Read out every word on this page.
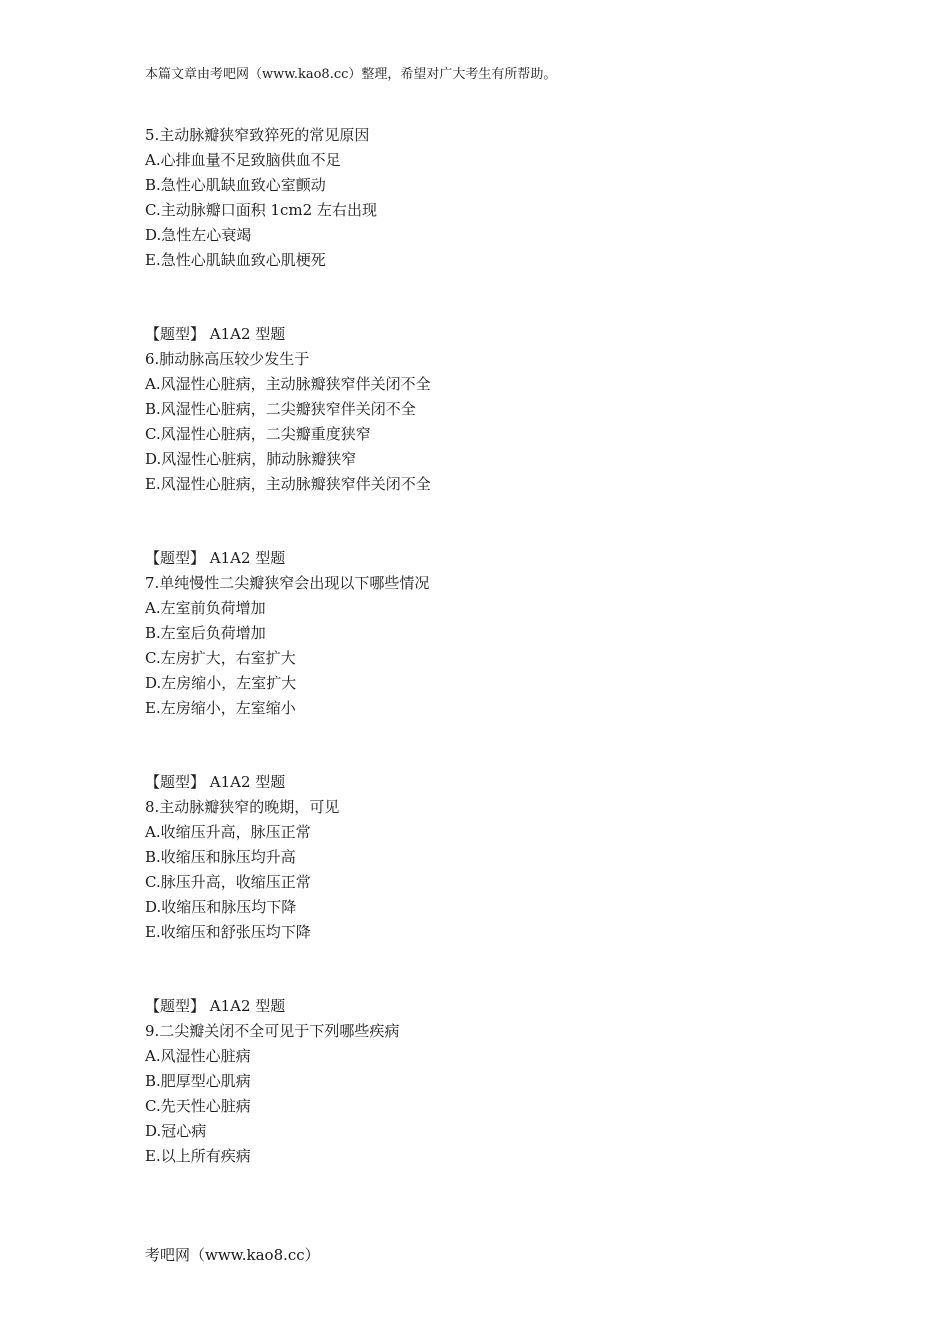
本篇文章由考吧网（www.kao8.cc）整理，希望对广大考生有所帮助。
5.主动脉瓣狭窄致猝死的常见原因
A.心排血量不足致脑供血不足
B.急性心肌缺血致心室颤动
C.主动脉瓣口面积 1cm2 左右出现
D.急性左心衰竭
E.急性心肌缺血致心肌梗死
【题型】 A1A2 型题
6.肺动脉高压较少发生于
A.风湿性心脏病，主动脉瓣狭窄伴关闭不全
B.风湿性心脏病，二尖瓣狭窄伴关闭不全
C.风湿性心脏病，二尖瓣重度狭窄
D.风湿性心脏病，肺动脉瓣狭窄
E.风湿性心脏病，主动脉瓣狭窄伴关闭不全
【题型】 A1A2 型题
7.单纯慢性二尖瓣狭窄会出现以下哪些情况
A.左室前负荷增加
B.左室后负荷增加
C.左房扩大，右室扩大
D.左房缩小，左室扩大
E.左房缩小，左室缩小
【题型】 A1A2 型题
8.主动脉瓣狭窄的晚期，可见
A.收缩压升高，脉压正常
B.收缩压和脉压均升高
C.脉压升高，收缩压正常
D.收缩压和脉压均下降
E.收缩压和舒张压均下降
【题型】 A1A2 型题
9.二尖瓣关闭不全可见于下列哪些疾病
A.风湿性心脏病
B.肥厚型心肌病
C.先天性心脏病
D.冠心病
E.以上所有疾病
考吧网（www.kao8.cc）
